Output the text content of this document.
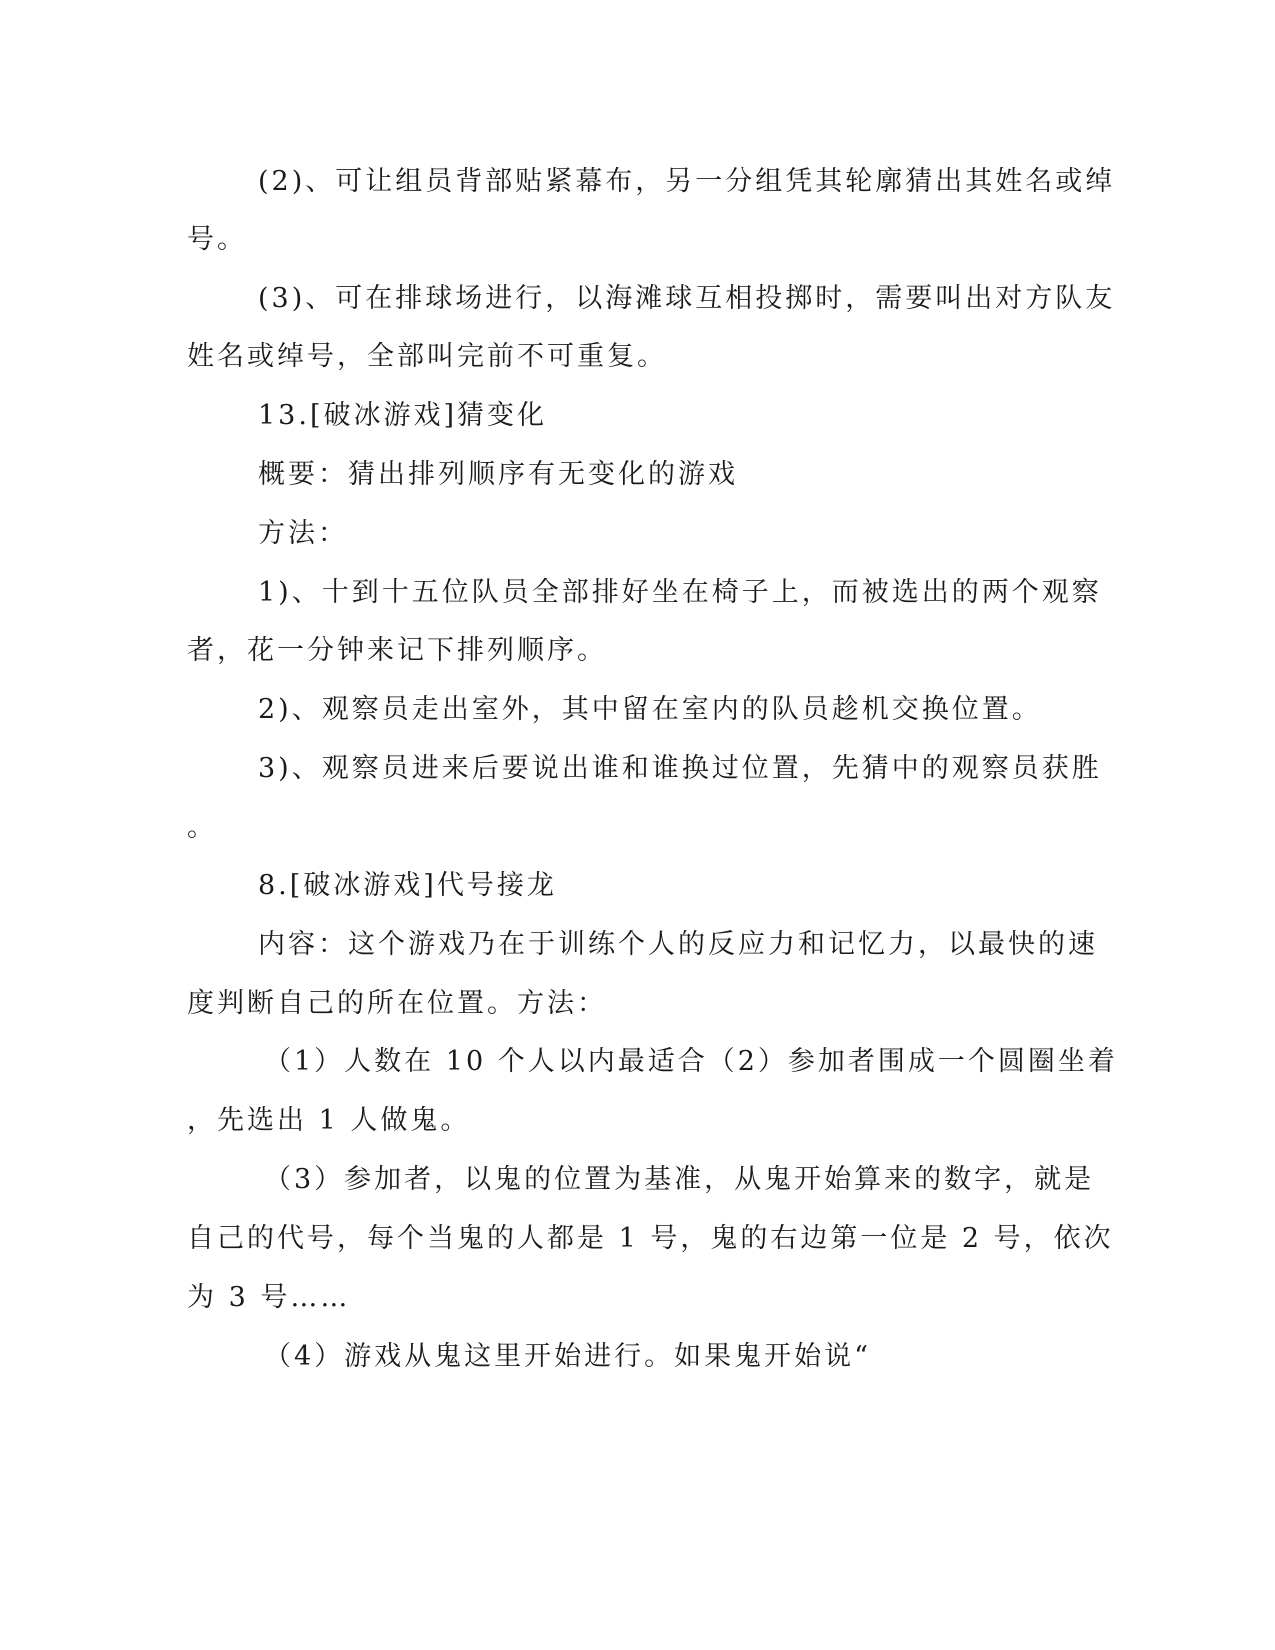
(2)、可让组员背部贴紧幕布，另一分组凭其轮廓猜出其姓名或绰
号。
(3)、可在排球场进行，以海滩球互相投掷时，需要叫出对方队友
姓名或绰号，全部叫完前不可重复。
13.[破冰游戏]猜变化
概要：猜出排列顺序有无变化的游戏
方法：
1)、十到十五位队员全部排好坐在椅子上，而被选出的两个观察
者，花一分钟来记下排列顺序。
2)、观察员走出室外，其中留在室内的队员趁机交换位置。
3)、观察员进来后要说出谁和谁换过位置，先猜中的观察员获胜
。
8.[破冰游戏]代号接龙
内容：这个游戏乃在于训练个人的反应力和记忆力，以最快的速
度判断自己的所在位置。方法：
（1）人数在 10 个人以内最适合（2）参加者围成一个圆圈坐着
，先选出 1 人做鬼。
（3）参加者，以鬼的位置为基准，从鬼开始算来的数字，就是
自己的代号，每个当鬼的人都是 1 号，鬼的右边第一位是 2 号，依次
为 3 号……
（4）游戏从鬼这里开始进行。如果鬼开始说“
